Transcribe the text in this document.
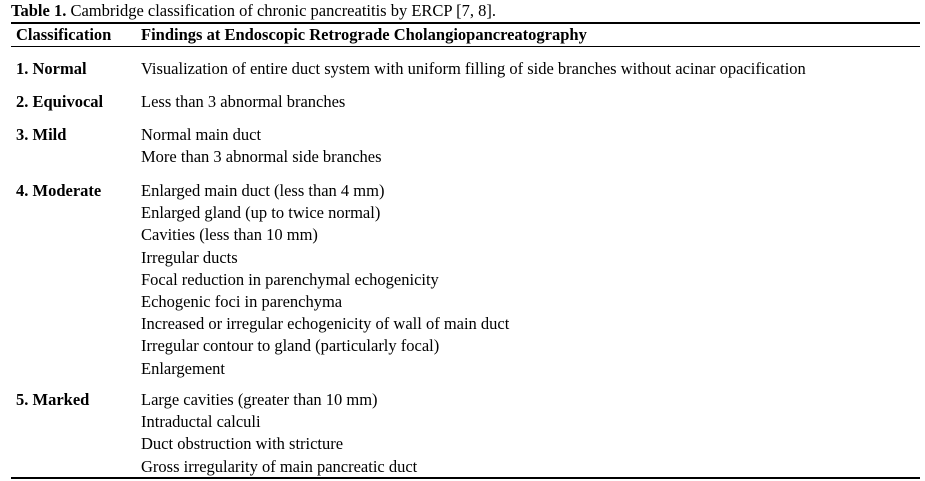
Table 1. Cambridge classification of chronic pancreatitis by ERCP [7, 8].
Classification Findings at Endoscopic Retrograde Cholangiopancreatography
1. Normal	Visualization of entire duct system with uniform filling of side branches without acinar opacification
2. Equivocal Less than 3 abnormal branches
3. Mild	Normal main duct
More than 3 abnormal side branches
4. Moderate Enlarged main duct (less than 4 mm)
Enlarged gland (up to twice normal)
Cavities (less than 10 mm)
Irregular ducts
Focal reduction in parenchymal echogenicity
Echogenic foci in parenchyma
Increased or irregular echogenicity of wall of main duct
Irregular contour to gland (particularly focal)
Enlargement
5. Marked	Large cavities (greater than 10 mm)
Intraductal calculi
Duct obstruction with stricture
Gross irregularity of main pancreatic duct
